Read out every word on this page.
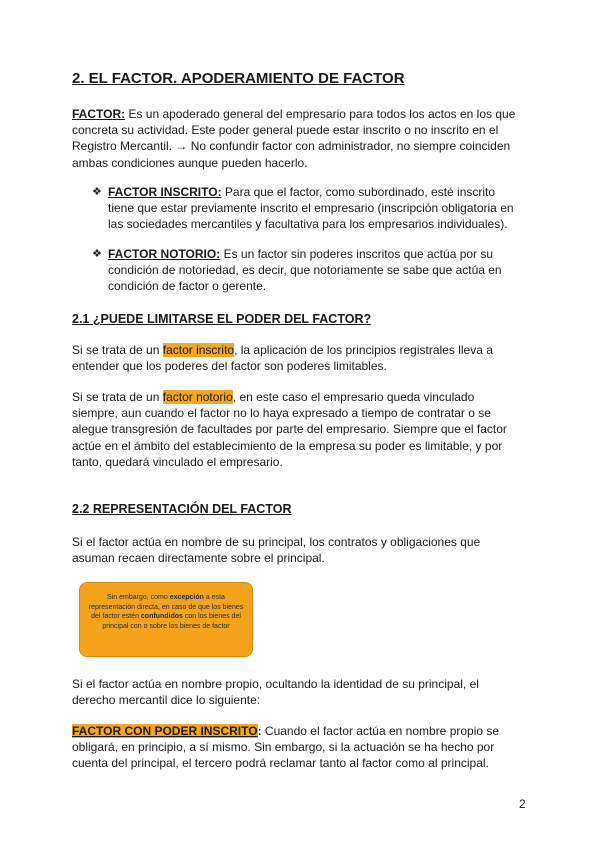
2. EL FACTOR. APODERAMIENTO DE FACTOR

FACTOR: Es un apoderado general del empresario para todos los actos en los que concreta su actividad. Este poder general puede estar inscrito o no inscrito en el Registro Mercantil. → No confundir factor con administrador, no siempre coinciden ambas condiciones aunque pueden hacerlo.

❖ FACTOR INSCRITO: Para que el factor, como subordinado, esté inscrito tiene que estar previamente inscrito el empresario (inscripción obligatoria en las sociedades mercantiles y facultativa para los empresarios individuales).

❖ FACTOR NOTORIO: Es un factor sin poderes inscritos que actúa por su condición de notoriedad, es decir, que notoriamente se sabe que actúa en condición de factor o gerente.

2.1 ¿PUEDE LIMITARSE EL PODER DEL FACTOR?

Si se trata de un factor inscrito, la aplicación de los principios registrales lleva a entender que los poderes del factor son poderes limitables.

Si se trata de un factor notorio, en este caso el empresario queda vinculado siempre, aun cuando el factor no lo haya expresado a tiempo de contratar o se alegue transgresión de facultades por parte del empresario. Siempre que el factor actúe en el ámbito del establecimiento de la empresa su poder es limitable, y por tanto, quedará vinculado el empresario.

2.2 REPRESENTACIÓN DEL FACTOR

Si el factor actúa en nombre de su principal, los contratos y obligaciones que asuman recaen directamente sobre el principal.

Sin embargo, como excepción a esta representación directa, en caso de que los bienes del factor estén confundidos con los bienes del principal con o sobre los bienes de factor

Si el factor actúa en nombre propio, ocultando la identidad de su principal, el derecho mercantil dice lo siguiente:

FACTOR CON PODER INSCRITO: Cuando el factor actúa en nombre propio se obligará, en principio, a sí mismo. Sin embargo, si la actuación se ha hecho por cuenta del principal, el tercero podrá reclamar tanto al factor como al principal.

2
